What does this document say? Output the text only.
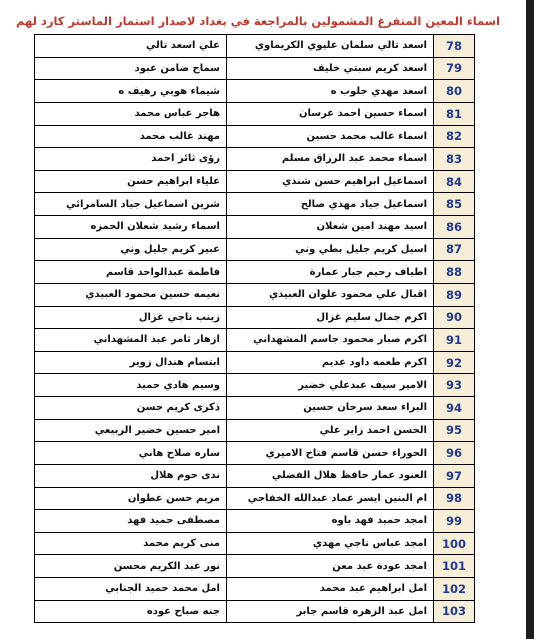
اسماء المعين المتفرغ المشمولين بالمراجعة في بغداد لاصدار استمار الماستر كارد لهم
78	اسعد تالي سلمان عليوي الكريماوي	علي اسعد تالي
79	اسعد كريم سبتي خليف	سماح ضامن عبود
80	اسعد مهدي جلوب ه	شيماء هوبي رهيف ه
81	اسماء حسين احمد عرسان	هاجر عباس محمد
82	اسماء غالب محمد حسين	مهند غالب محمد
83	اسماء محمد عبد الرزاق مسلم	رؤى ثائر احمد
84	اسماعيل ابراهيم حسن شندي	علياء ابراهيم حسن
85	اسماعيل جياد مهدي صالح	شرين اسماعيل جياد السامرائي
86	اسيد مهند امين شعلان	اسماء رشيد شعلان الحمزه
87	اسيل كريم جليل بطي وني	عبير كريم جليل وني
88	اطياف رحيم جبار عمارة	فاطمة عبدالواحد قاسم
89	اقبال علي محمود علوان العبيدي	نعيمه حسين محمود العبيدي
90	اكرم جمال سليم غزال	زينب ناجي غزال
91	اكرم صبار محمود جاسم المشهداني	ازهار ثامر عبد المشهداني
92	اكرم طعمه داود عديم	ابتسام هندال زوير
93	الامير سيف عبدعلي خضير	وسيم هادي حميد
94	البراء سعد سرحان حسين	ذكرى كريم حسن
95	الحسن احمد زاير علي	امير حسين خضير الربيعي
96	الحوراء حسن قاسم فتاح الاميري	ساره صلاح هاني
97	العنود عمار حافظ هلال الفضلي	ندى حوم هلال
98	ام البنين ايسر عماد عبدالله الخفاجي	مريم حسن عطوان
99	امجد حميد فهد باوه	مصطفى حميد فهد
100	امجد عباس ناجي مهدي	منى كريم محمد
101	امجد عودة عبد معن	نور عبد الكريم محسن
102	امل ابراهيم عبد محمد	امل محمد حميد الجنابي
103	امل عبد الزهره قاسم جابر	جنه صباح عوده
